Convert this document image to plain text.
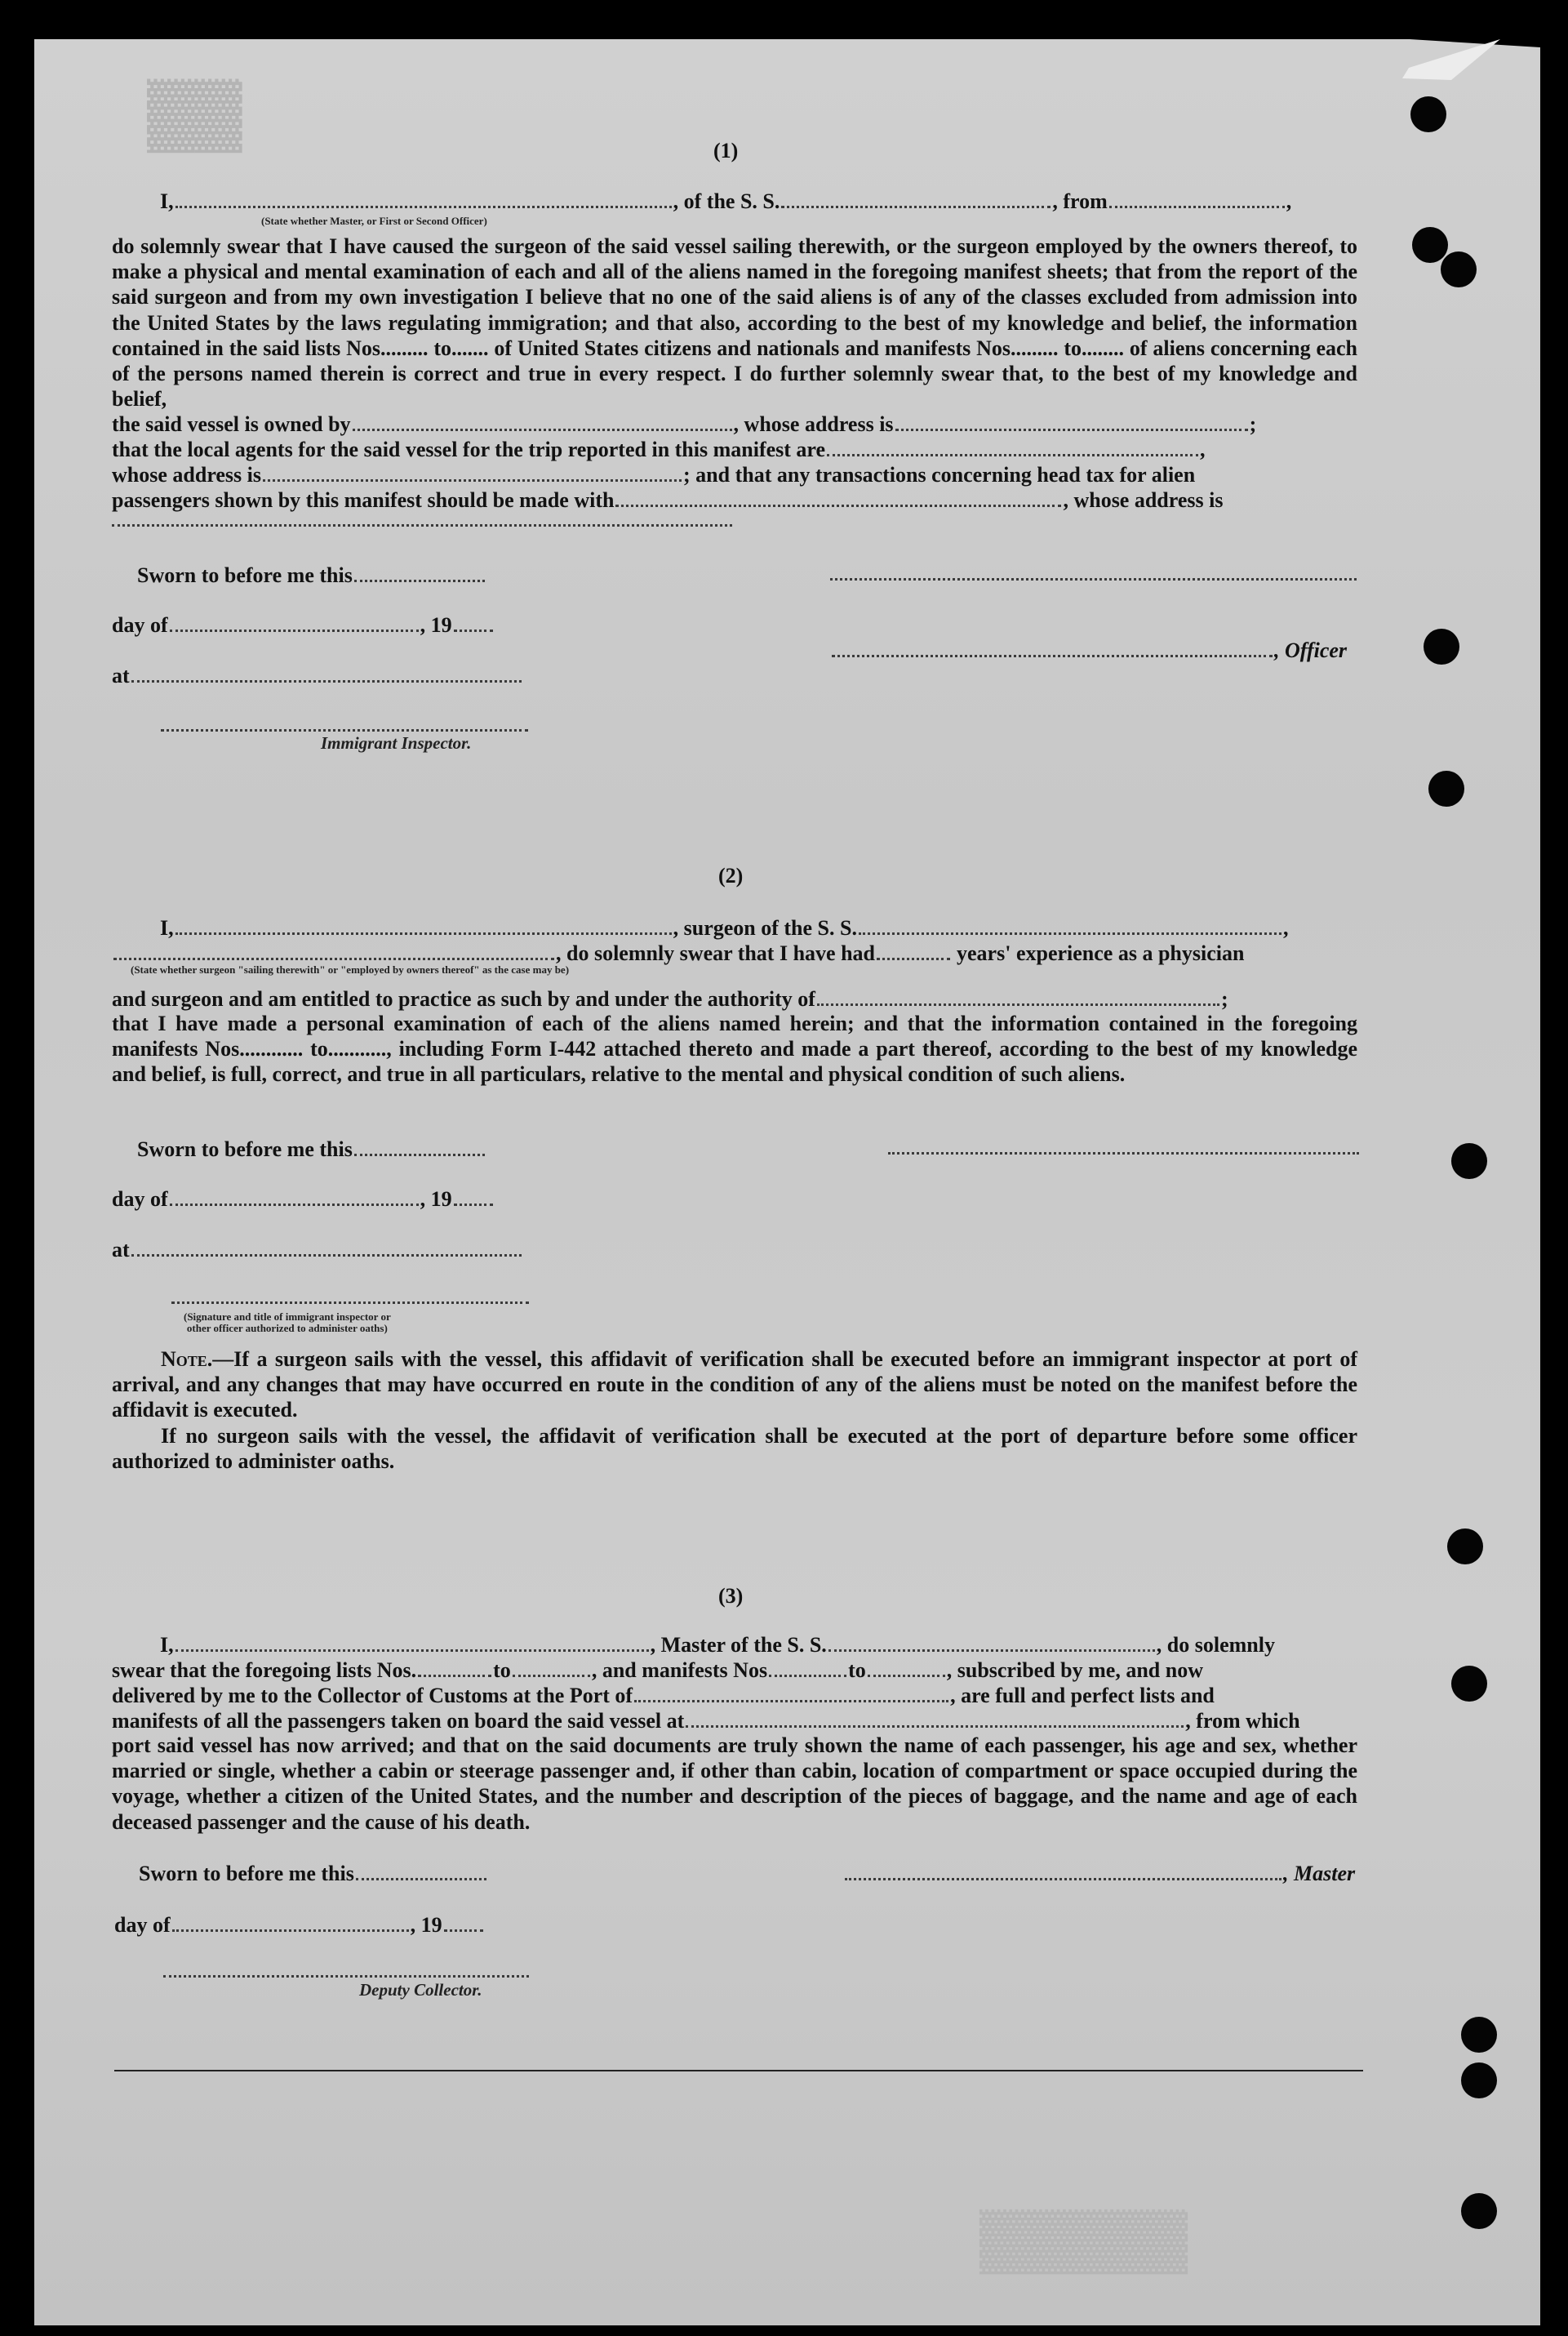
▓▓
▓▓▓▓▓
(1)
I,	, of the S. S.	, from	,
(State whether Master, or First or Second Officer)
do solemnly swear that I have caused the surgeon of the said vessel sailing therewith, or the surgeon employed by the owners thereof, to make a physical and mental examination of each and all of the aliens named in the foregoing manifest sheets; that from the report of the said surgeon and from my own investigation I believe that no one of the said aliens is of any of the classes excluded from admission into the United States by the laws regulating immigration; and that also, according to the best of my knowledge and belief, the information contained in the said lists Nos......... to....... of United States citizens and nationals and manifests Nos......... to........ of aliens concerning each of the persons named therein is correct and true in every respect. I do further solemnly swear that, to the best of my knowledge and belief,
the said vessel is owned by	, whose address is	;
that the local agents for the said vessel for the trip reported in this manifest are	,
whose address is	; and that any transactions concerning head tax for alien
passengers shown by this manifest should be made with	, whose address is
Sworn to before me this
day of	, 19
, Officer
at
Immigrant Inspector.
(2)
I,	, surgeon of the S. S.	,
, do solemnly swear that I have had	years' experience as a physician
(State whether surgeon "sailing therewith" or "employed by owners thereof" as the case may be)
and surgeon and am entitled to practice as such by and under the authority of	;
that I have made a personal examination of each of the aliens named herein; and that the information contained in the foregoing manifests Nos............ to..........., including Form I-442 attached thereto and made a part thereof, according to the best of my knowledge and belief, is full, correct, and true in all particulars, relative to the mental and physical condition of such aliens.
Sworn to before me this
day of	, 19
at
(Signature and title of immigrant inspector or
other officer authorized to administer oaths)

Note.—If a surgeon sails with the vessel, this affidavit of verification shall be executed before an immigrant inspector at port of arrival, and any changes that may have occurred en route in the condition of any of the aliens must be noted on the manifest before the affidavit is executed.

If no surgeon sails with the vessel, the affidavit of verification shall be executed at the port of departure before some officer authorized to administer oaths.

(3)
I,	, Master of the S. S.	, do solemnly
swear that the foregoing lists Nos.	to	, and manifests Nos	to	, subscribed by me, and now
delivered by me to the Collector of Customs at the Port of	, are full and perfect lists and
manifests of all the passengers taken on board the said vessel at	, from which
port said vessel has now arrived; and that on the said documents are truly shown the name of each passenger, his age and sex, whether married or single, whether a cabin or steerage passenger and, if other than cabin, location of compartment or space occupied during the voyage, whether a citizen of the United States, and the number and description of the pieces of baggage, and the name and age of each deceased passenger and the cause of his death.
Sworn to before me this	, Master
day of	, 19
Deputy Collector.
